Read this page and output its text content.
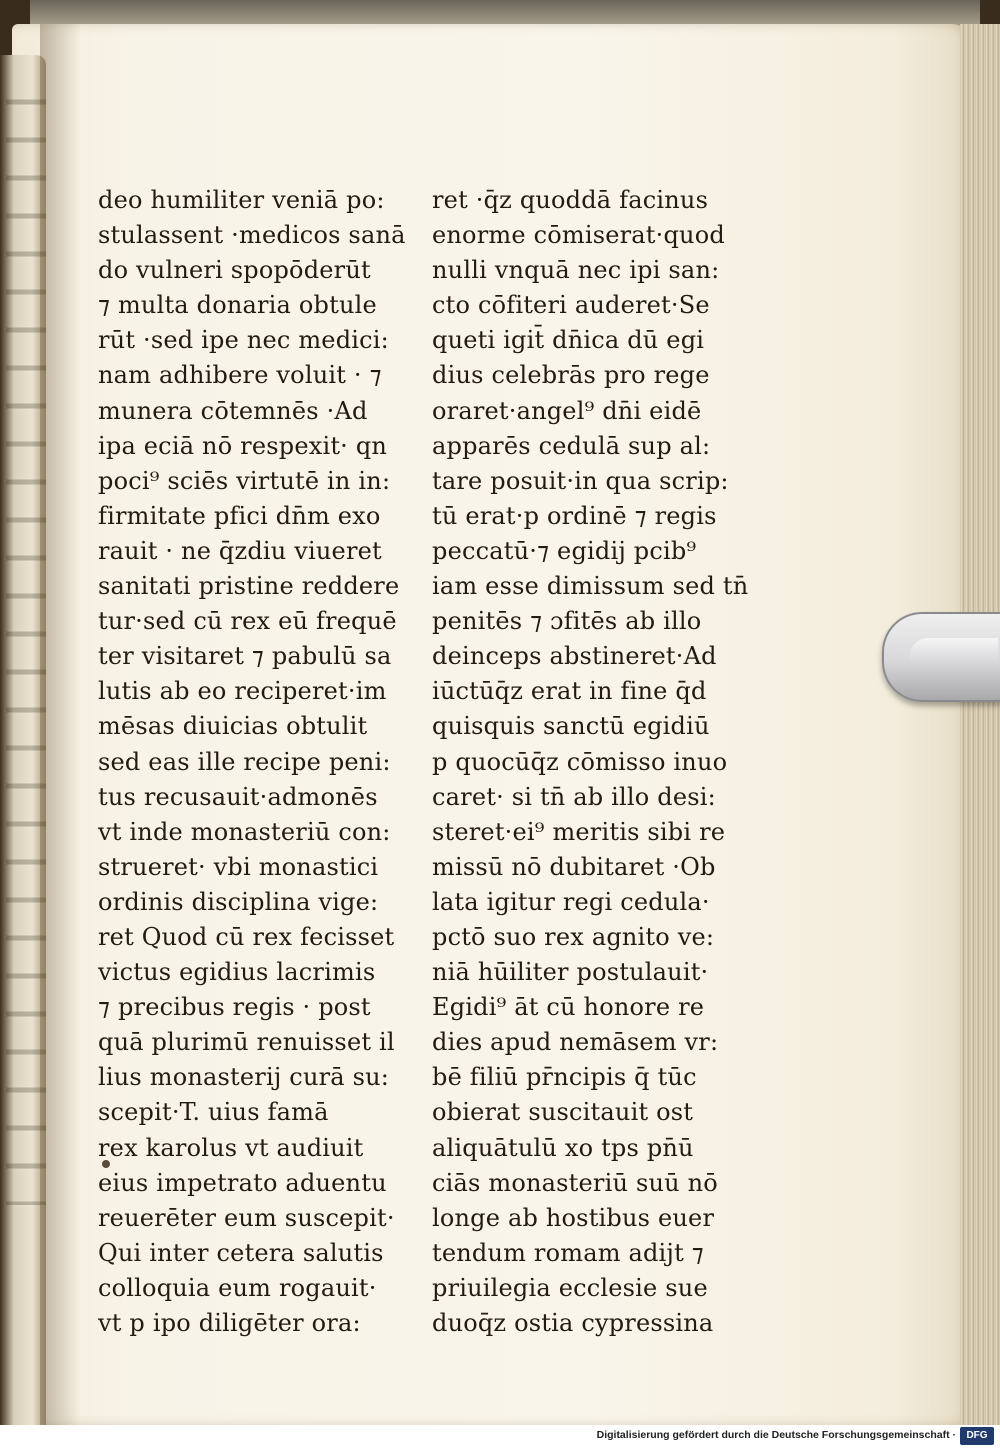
deo humiliter veniā po:
stulassent ·medicos sanā
do vulneri spopōderūt
⁊ multa donaria obtule
rūt ·sed ipe nec medici:
nam adhibere voluit · ⁊
munera cōtemnēs ·Ad
ipa eciā nō respexit· qn
poci⁹ sciēs virtutē in in:
firmitate pfici dn̄m exo
rauit · ne q̄zdiu viueret
sanitati pristine reddere
tur·sed cū rex eū frequē
ter visitaret ⁊ pabulū sa
lutis ab eo reciperet·im
mēsas diuicias obtulit
sed eas ille recipe peni:
tus recusauit·admonēs
vt inde monasteriū con:
strueret· vbi monastici
ordinis disciplina vige:
ret Quod cū rex fecisset
victus egidius lacrimis
⁊ precibus regis · post
quā plurimū renuisset il
lius monasterij curā su:
scepit·T. uius famā
rex karolus vt audiuit
eius impetrato aduentu
reuerēter eum suscepit·
Qui inter cetera salutis
colloquia eum rogauit·
vt p ipo diligēter ora:
ret ·q̄z quoddā facinus
enorme cōmiserat·quod
nulli vnquā nec ipi san:
cto cōfiteri auderet·Se
queti igit̄ dn̄ica dū egi
dius celebrās pro rege
oraret·angel⁹ dn̄i eidē
apparēs cedulā sup al:
tare posuit·in qua scrip:
tū erat·p ordinē ⁊ regis
peccatū·⁊ egidij pcib⁹
iam esse dimissum sed tn̄
penitēs ⁊ ɔfitēs ab illo
deinceps abstineret·Ad
iūctūq̄z erat in fine q̄d
quisquis sanctū egidiū
p quocūq̄z cōmisso inuo
caret· si tn̄ ab illo desi:
steret·ei⁹ meritis sibi re
missū nō dubitaret ·Ob
lata igitur regi cedula·
pctō suo rex agnito ve:
niā hūiliter postulauit·
Egidi⁹ āt cū honore re
dies apud nemāsem vr:
bē filiū pr̄ncipis q̄ tūc
obierat suscitauit ost
aliquātulū xo tps pn̄ū
ciās monasteriū suū nō
longe ab hostibus euer
tendum romam adijt ⁊
priuilegia ecclesie sue
duoq̄z ostia cypressina
Digitalisierung gefördert durch die Deutsche Forschungsgemeinschaft ·	DFG
